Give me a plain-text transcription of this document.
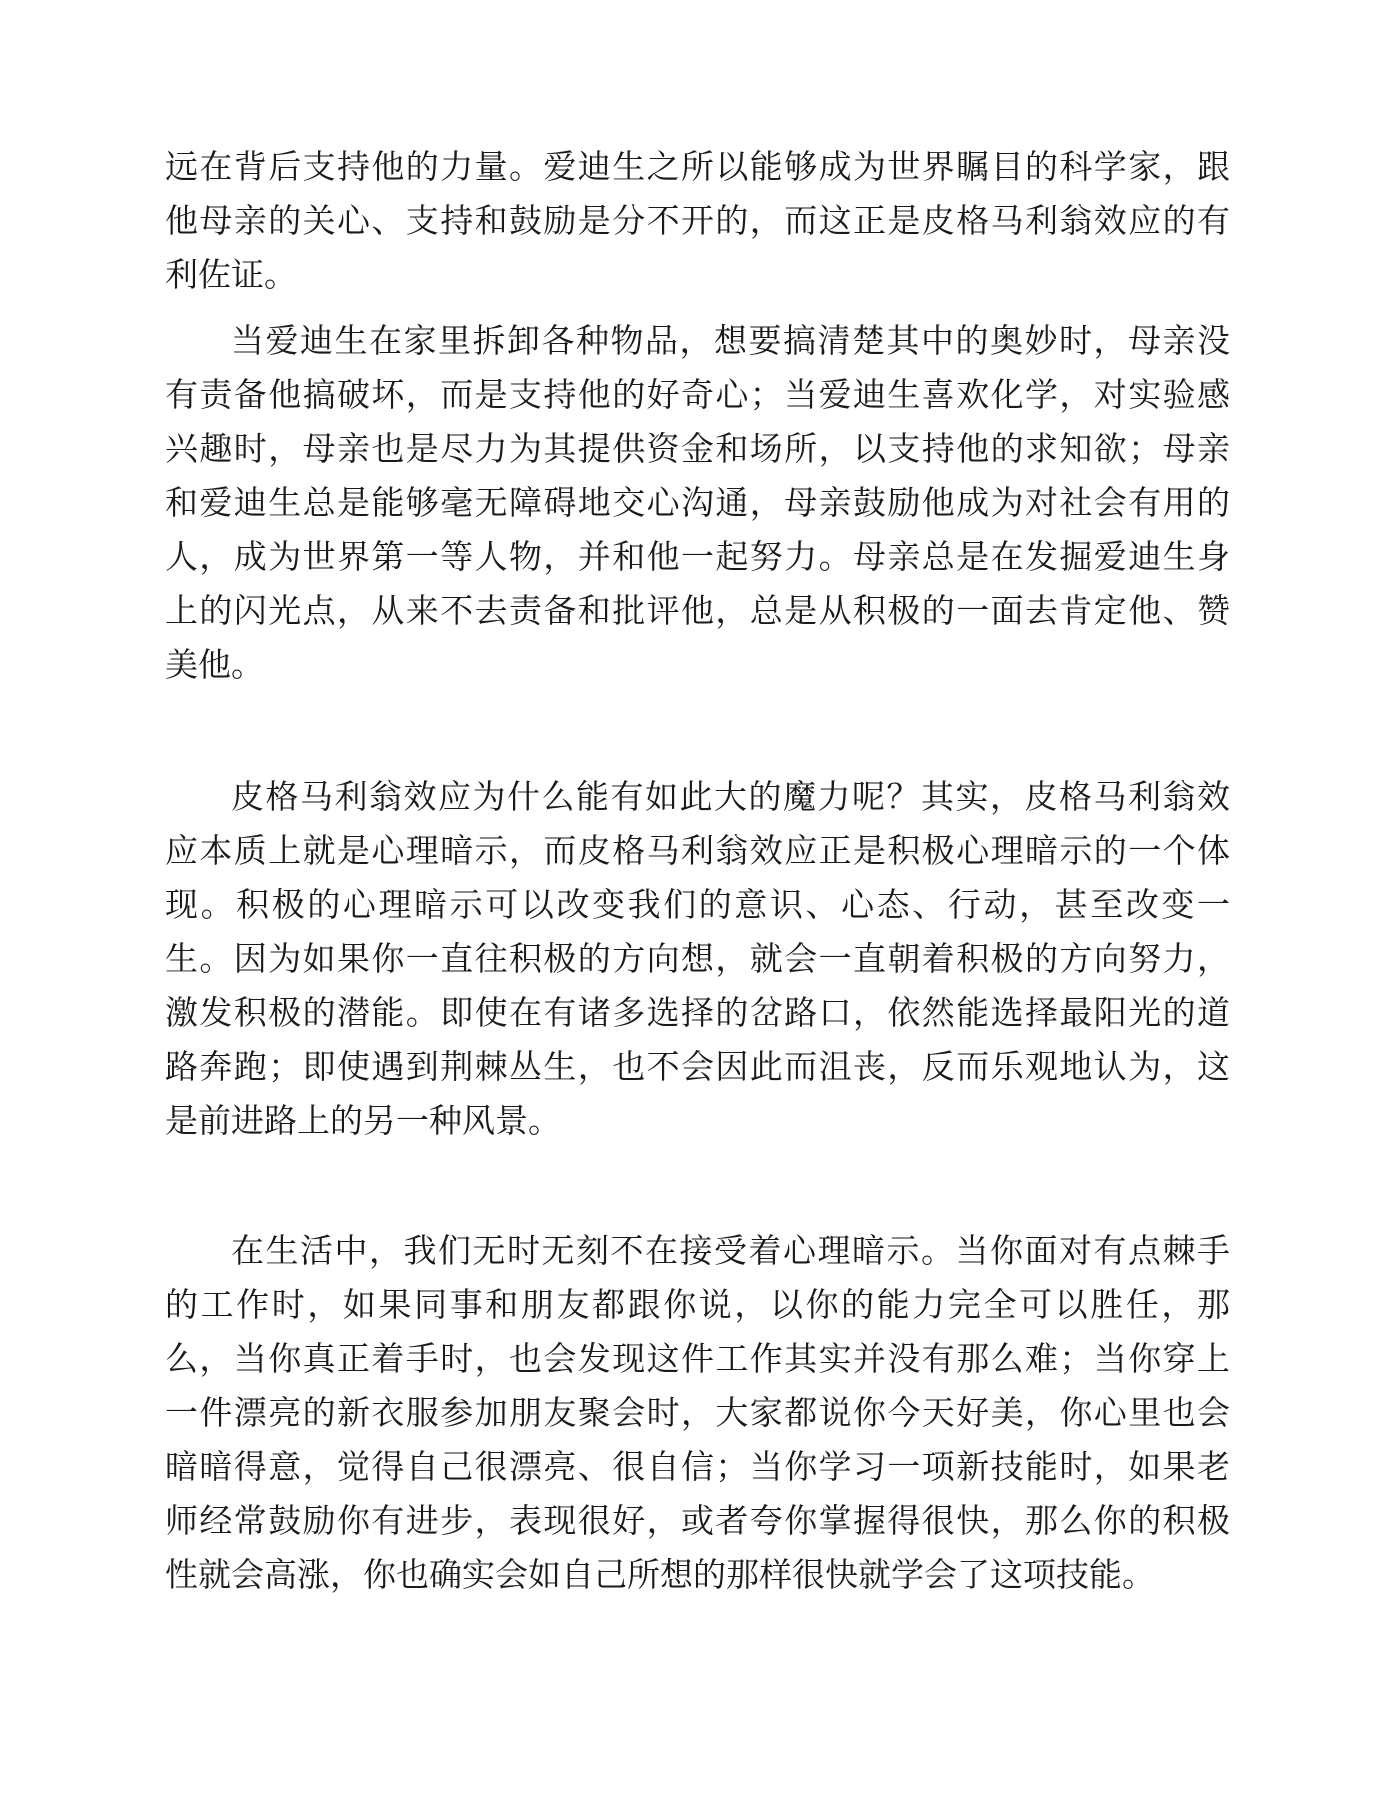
远在背后支持他的力量。爱迪生之所以能够成为世界瞩目的科学家，跟
他母亲的关心、支持和鼓励是分不开的，而这正是皮格马利翁效应的有
利佐证。
当爱迪生在家里拆卸各种物品，想要搞清楚其中的奥妙时，母亲没
有责备他搞破坏，而是支持他的好奇心；当爱迪生喜欢化学，对实验感
兴趣时，母亲也是尽力为其提供资金和场所，以支持他的求知欲；母亲
和爱迪生总是能够毫无障碍地交心沟通，母亲鼓励他成为对社会有用的
人，成为世界第一等人物，并和他一起努力。母亲总是在发掘爱迪生身
上的闪光点，从来不去责备和批评他，总是从积极的一面去肯定他、赞
美他。
皮格马利翁效应为什么能有如此大的魔力呢？其实，皮格马利翁效
应本质上就是心理暗示，而皮格马利翁效应正是积极心理暗示的一个体
现。积极的心理暗示可以改变我们的意识、心态、行动，甚至改变一
生。因为如果你一直往积极的方向想，就会一直朝着积极的方向努力，
激发积极的潜能。即使在有诸多选择的岔路口，依然能选择最阳光的道
路奔跑；即使遇到荆棘丛生，也不会因此而沮丧，反而乐观地认为，这
是前进路上的另一种风景。
在生活中，我们无时无刻不在接受着心理暗示。当你面对有点棘手
的工作时，如果同事和朋友都跟你说，以你的能力完全可以胜任，那
么，当你真正着手时，也会发现这件工作其实并没有那么难；当你穿上
一件漂亮的新衣服参加朋友聚会时，大家都说你今天好美，你心里也会
暗暗得意，觉得自己很漂亮、很自信；当你学习一项新技能时，如果老
师经常鼓励你有进步，表现很好，或者夸你掌握得很快，那么你的积极
性就会高涨，你也确实会如自己所想的那样很快就学会了这项技能。
